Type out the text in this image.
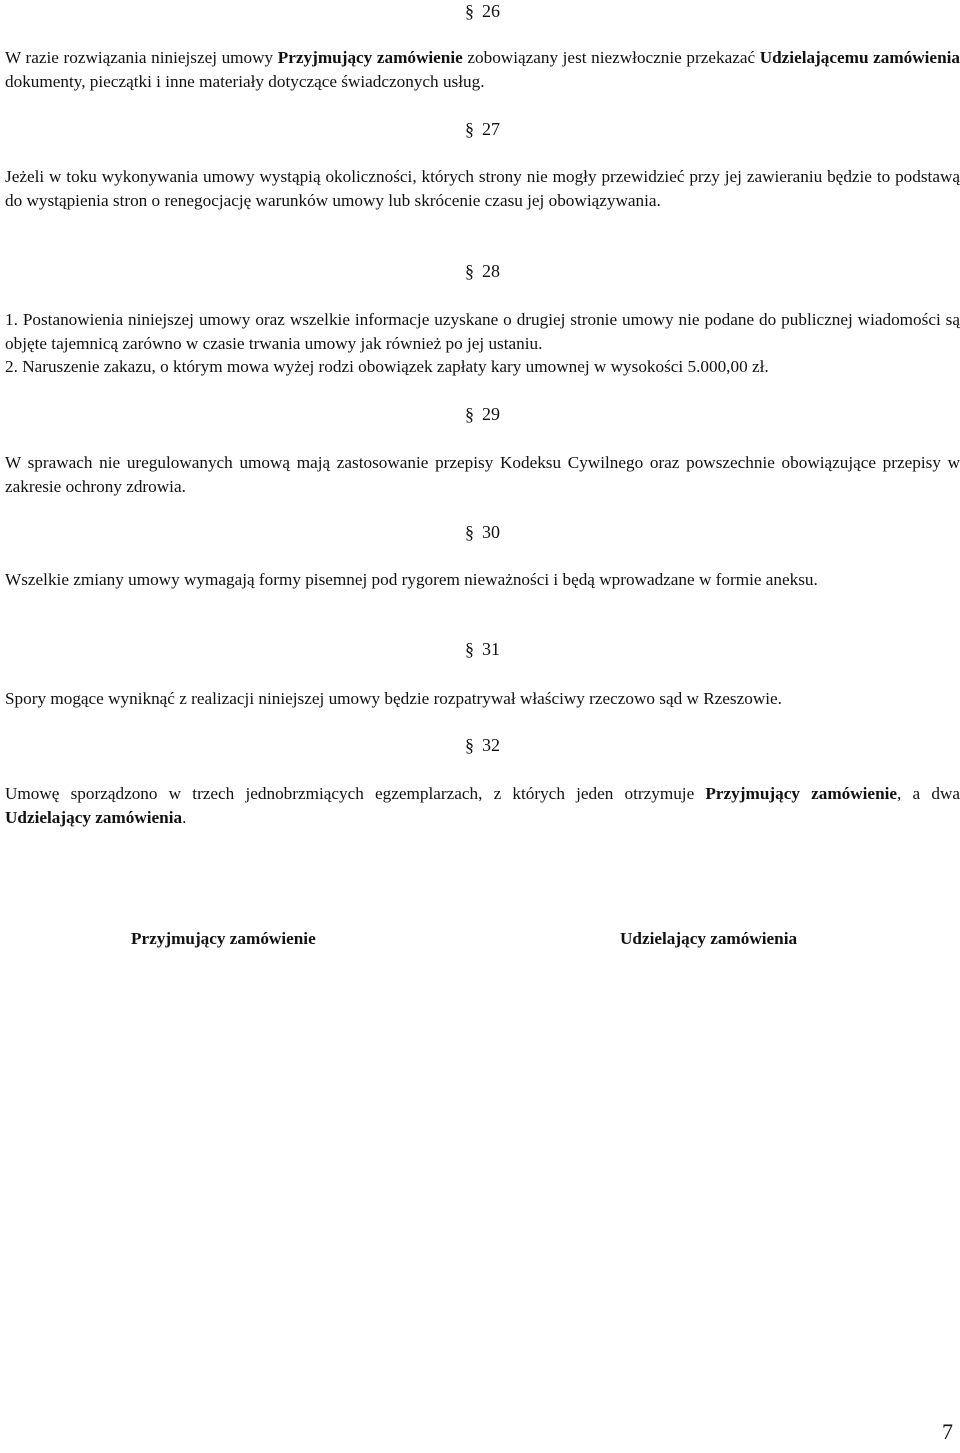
§ 26
W razie rozwiązania niniejszej umowy Przyjmujący zamówienie zobowiązany jest niezwłocznie przekazać Udzielającemu zamówienia dokumenty, pieczątki i inne materiały dotyczące świadczonych usług.
§ 27
Jeżeli w toku wykonywania umowy wystąpią okoliczności, których strony nie mogły przewidzieć przy jej zawieraniu będzie to podstawą do wystąpienia stron o renegocjację warunków umowy lub skrócenie czasu jej obowiązywania.
§ 28
1. Postanowienia niniejszej umowy oraz wszelkie informacje uzyskane o drugiej stronie umowy nie podane do publicznej wiadomości są objęte tajemnicą zarówno w czasie trwania umowy jak również po jej ustaniu.
2. Naruszenie zakazu, o którym mowa wyżej rodzi obowiązek zapłaty kary umownej w wysokości 5.000,00 zł.
§ 29
W sprawach nie uregulowanych umową mają zastosowanie przepisy Kodeksu Cywilnego oraz powszechnie obowiązujące przepisy w zakresie ochrony zdrowia.
§ 30
Wszelkie zmiany umowy wymagają formy pisemnej pod rygorem nieważności i będą wprowadzane w formie aneksu.
§ 31
Spory mogące wyniknąć z realizacji niniejszej umowy będzie rozpatrywał właściwy rzeczowo sąd w Rzeszowie.
§ 32
Umowę sporządzono w trzech jednobrzmiących egzemplarzach, z których jeden otrzymuje Przyjmujący zamówienie, a dwa Udzielający zamówienia.
Przyjmujący zamówienie	Udzielający zamówienia
7
